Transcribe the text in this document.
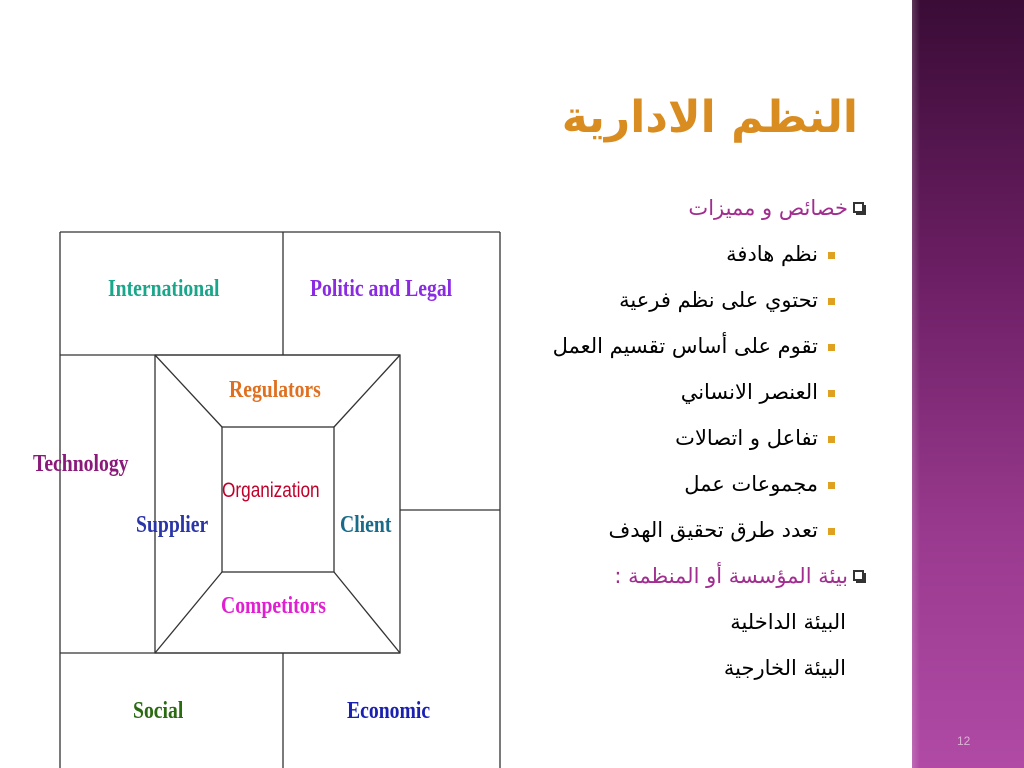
12
النظم الادارية
خصائص و مميزات
نظم هادفة
تحتوي على نظم فرعية
تقوم على أساس تقسيم العمل
العنصر الانساني
تفاعل و اتصالات
مجموعات عمل
تعدد طرق تحقيق الهدف
بيئة المؤسسة أو المنظمة :
البيئة الداخلية
البيئة الخارجية
International	Politic and Legal
Technology
Regulators
Organization
Supplier	Client
Competitors
Social	Economic
